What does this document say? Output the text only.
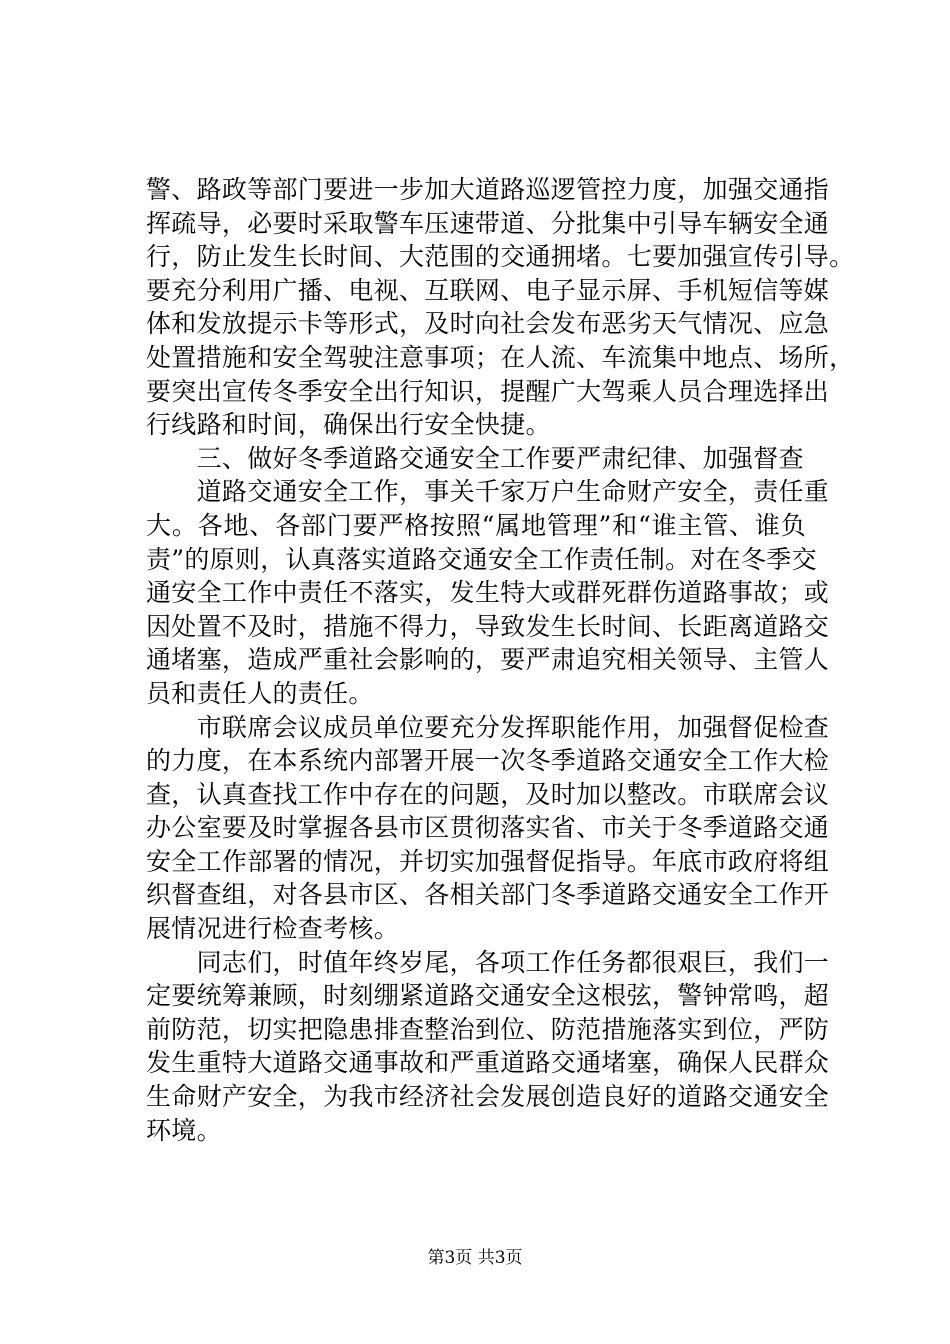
警、路政等部门要进一步加大道路巡逻管控力度，加强交通指
挥疏导，必要时采取警车压速带道、分批集中引导车辆安全通
行，防止发生长时间、大范围的交通拥堵。七要加强宣传引导。
要充分利用广播、电视、互联网、电子显示屏、手机短信等媒
体和发放提示卡等形式，及时向社会发布恶劣天气情况、应急
处置措施和安全驾驶注意事项；在人流、车流集中地点、场所，
要突出宣传冬季安全出行知识，提醒广大驾乘人员合理选择出
行线路和时间，确保出行安全快捷。
　　三、做好冬季道路交通安全工作要严肃纪律、加强督查
　　道路交通安全工作，事关千家万户生命财产安全，责任重
大。各地、各部门要严格按照“属地管理”和“谁主管、谁负
责”的原则，认真落实道路交通安全工作责任制。对在冬季交
通安全工作中责任不落实，发生特大或群死群伤道路事故；或
因处置不及时，措施不得力，导致发生长时间、长距离道路交
通堵塞，造成严重社会影响的，要严肃追究相关领导、主管人
员和责任人的责任。
　　市联席会议成员单位要充分发挥职能作用，加强督促检查
的力度，在本系统内部署开展一次冬季道路交通安全工作大检
查，认真查找工作中存在的问题，及时加以整改。市联席会议
办公室要及时掌握各县市区贯彻落实省、市关于冬季道路交通
安全工作部署的情况，并切实加强督促指导。年底市政府将组
织督查组，对各县市区、各相关部门冬季道路交通安全工作开
展情况进行检查考核。
　　同志们，时值年终岁尾，各项工作任务都很艰巨，我们一
定要统筹兼顾，时刻绷紧道路交通安全这根弦，警钟常鸣，超
前防范，切实把隐患排查整治到位、防范措施落实到位，严防
发生重特大道路交通事故和严重道路交通堵塞，确保人民群众
生命财产安全，为我市经济社会发展创造良好的道路交通安全
环境。
第3页 共3页
